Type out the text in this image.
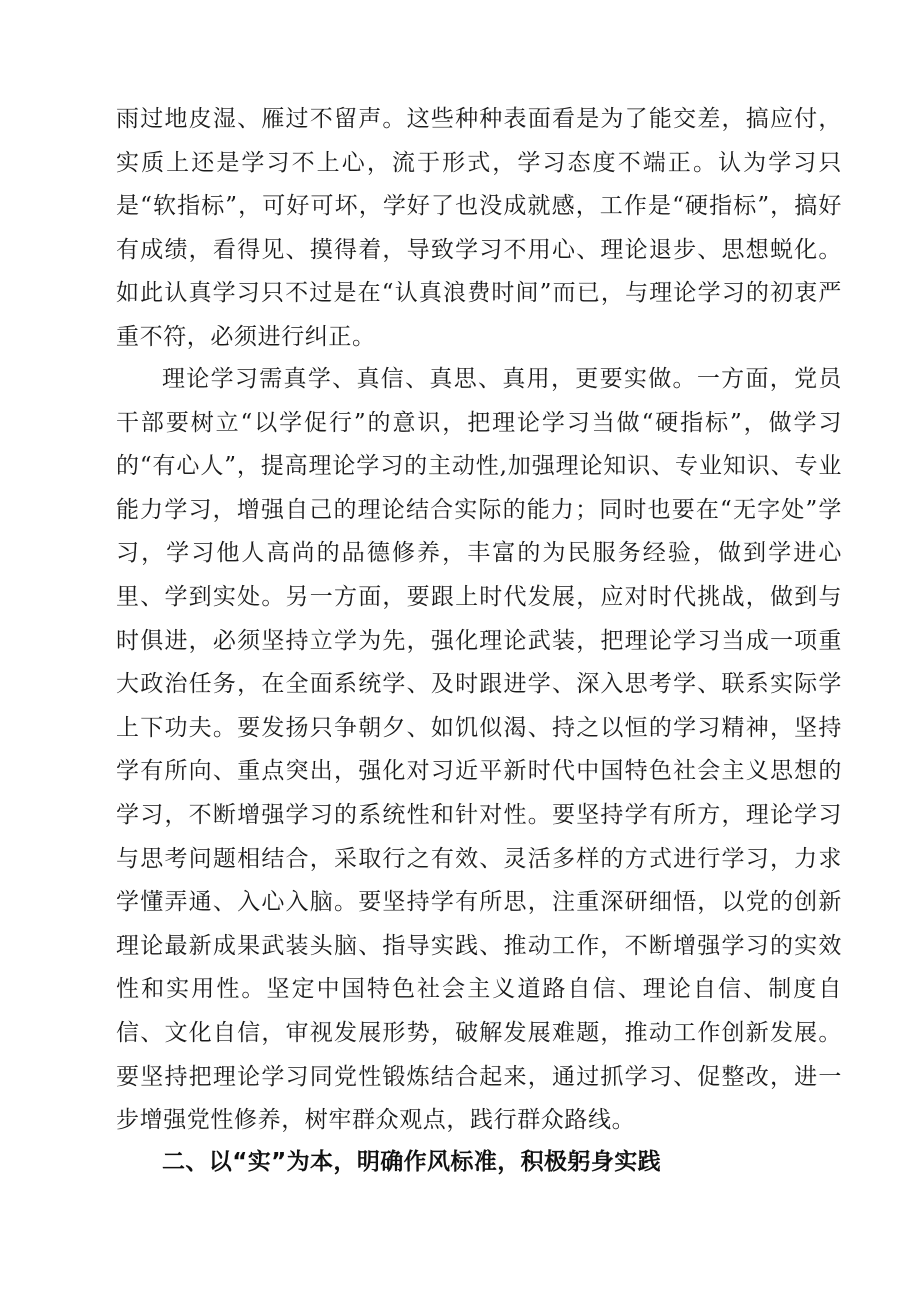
雨过地皮湿、雁过不留声。这些种种表面看是为了能交差，搞应付，实质上还是学习不上心，流于形式，学习态度不端正。认为学习只是“软指标”，可好可坏，学好了也没成就感，工作是“硬指标”，搞好有成绩，看得见、摸得着，导致学习不用心、理论退步、思想蜕化。如此认真学习只不过是在“认真浪费时间”而已，与理论学习的初衷严重不符，必须进行纠正。

理论学习需真学、真信、真思、真用，更要实做。一方面，党员干部要树立“以学促行”的意识，把理论学习当做“硬指标”，做学习的“有心人”，提高理论学习的主动性,加强理论知识、专业知识、专业能力学习，增强自己的理论结合实际的能力；同时也要在“无字处”学习，学习他人高尚的品德修养，丰富的为民服务经验，做到学进心里、学到实处。另一方面，要跟上时代发展，应对时代挑战，做到与时俱进，必须坚持立学为先，强化理论武装，把理论学习当成一项重大政治任务，在全面系统学、及时跟进学、深入思考学、联系实际学上下功夫。要发扬只争朝夕、如饥似渴、持之以恒的学习精神，坚持学有所向、重点突出，强化对习近平新时代中国特色社会主义思想的学习，不断增强学习的系统性和针对性。要坚持学有所方，理论学习与思考问题相结合，采取行之有效、灵活多样的方式进行学习，力求学懂弄通、入心入脑。要坚持学有所思，注重深研细悟，以党的创新理论最新成果武装头脑、指导实践、推动工作，不断增强学习的实效性和实用性。坚定中国特色社会主义道路自信、理论自信、制度自信、文化自信，审视发展形势，破解发展难题，推动工作创新发展。要坚持把理论学习同党性锻炼结合起来，通过抓学习、促整改，进一步增强党性修养，树牢群众观点，践行群众路线。

二、以“实”为本，明确作风标准，积极躬身实践
